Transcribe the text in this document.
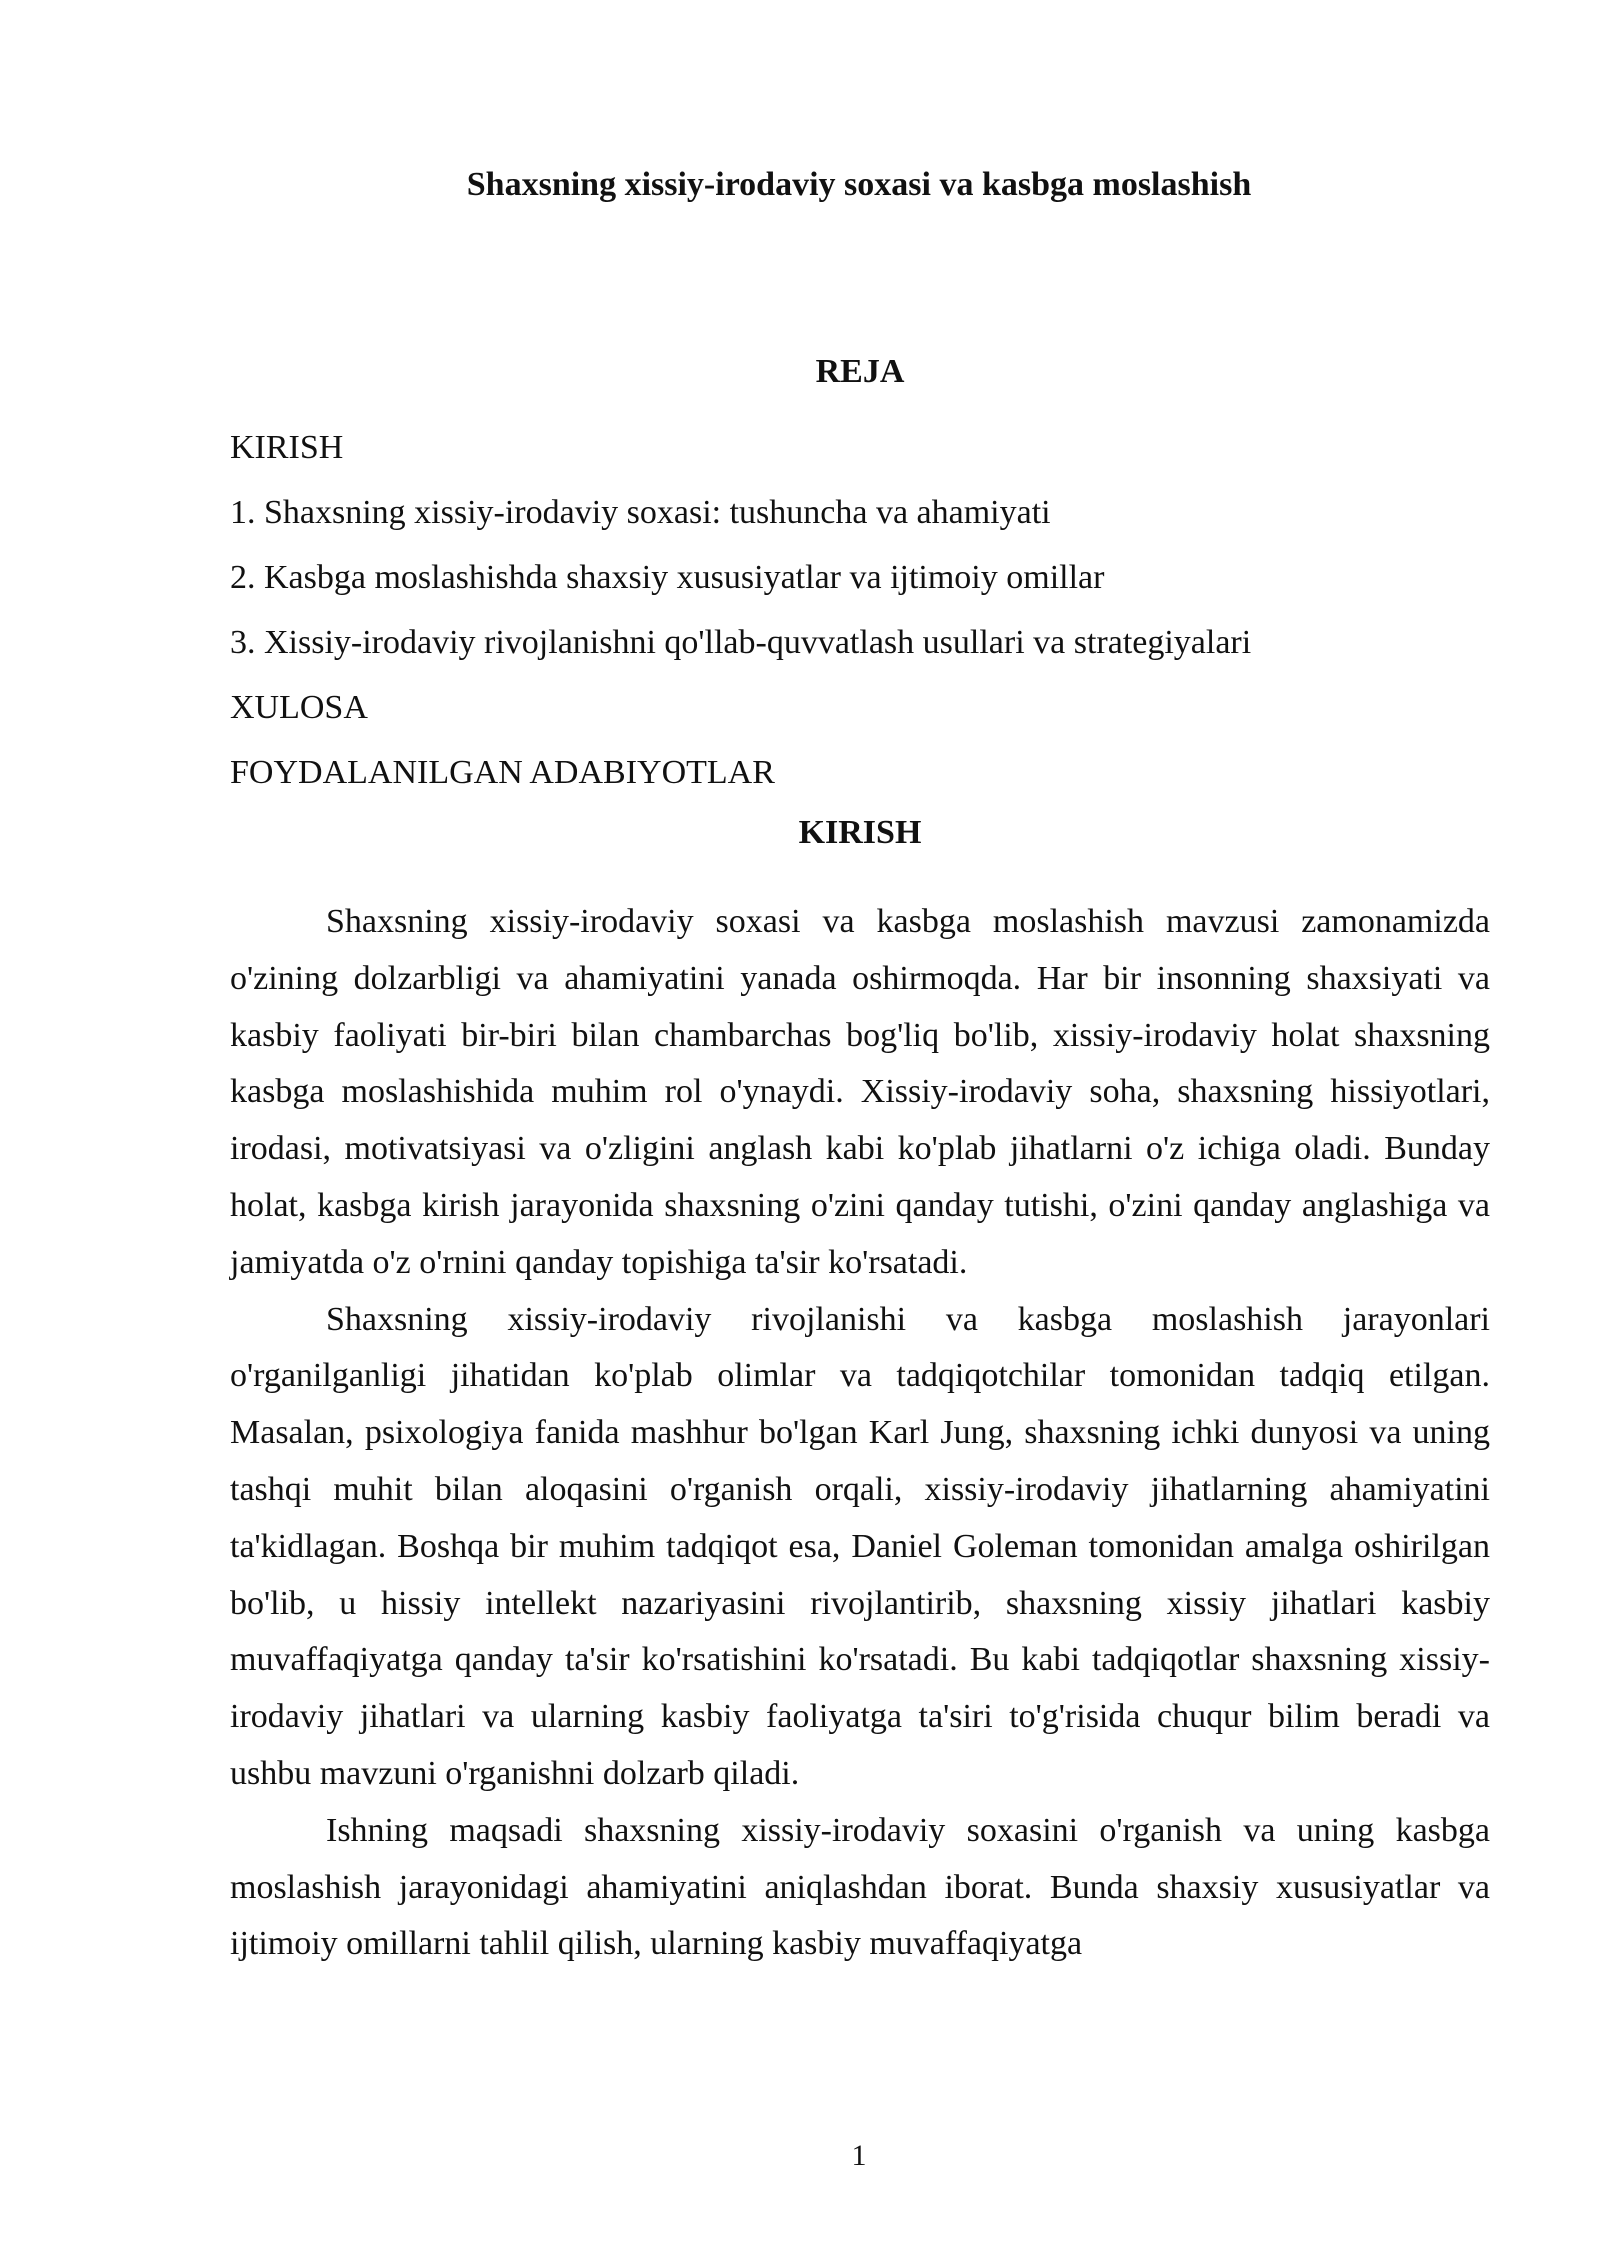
Shaxsning xissiy-irodaviy soxasi va kasbga moslashish
REJA
KIRISH
1. Shaxsning xissiy-irodaviy soxasi: tushuncha va ahamiyati
2. Kasbga moslashishda shaxsiy xususiyatlar va ijtimoiy omillar
3. Xissiy-irodaviy rivojlanishni qo'llab-quvvatlash usullari va strategiyalari
XULOSA
FOYDALANILGAN ADABIYOTLAR
KIRISH

Shaxsning xissiy-irodaviy soxasi va kasbga moslashish mavzusi zamonamizda o'zining dolzarbligi va ahamiyatini yanada oshirmoqda. Har bir insonning shaxsiyati va kasbiy faoliyati bir-biri bilan chambarchas bog'liq bo'lib, xissiy-irodaviy holat shaxsning kasbga moslashishida muhim rol o'ynaydi. Xissiy-irodaviy soha, shaxsning hissiyotlari, irodasi, motivatsiyasi va o'zligini anglash kabi ko'plab jihatlarni o'z ichiga oladi. Bunday holat, kasbga kirish jarayonida shaxsning o'zini qanday tutishi, o'zini qanday anglashiga va jamiyatda o'z o'rnini qanday topishiga ta'sir ko'rsatadi.

Shaxsning xissiy-irodaviy rivojlanishi va kasbga moslashish jarayonlari o'rganilganligi jihatidan ko'plab olimlar va tadqiqotchilar tomonidan tadqiq etilgan. Masalan, psixologiya fanida mashhur bo'lgan Karl Jung, shaxsning ichki dunyosi va uning tashqi muhit bilan aloqasini o'rganish orqali, xissiy-irodaviy jihatlarning ahamiyatini ta'kidlagan. Boshqa bir muhim tadqiqot esa, Daniel Goleman tomonidan amalga oshirilgan bo'lib, u hissiy intellekt nazariyasini rivojlantirib, shaxsning xissiy jihatlari kasbiy muvaffaqiyatga qanday ta'sir ko'rsatishini ko'rsatadi. Bu kabi tadqiqotlar shaxsning xissiy-irodaviy jihatlari va ularning kasbiy faoliyatga ta'siri to'g'risida chuqur bilim beradi va ushbu mavzuni o'rganishni dolzarb qiladi.

Ishning maqsadi shaxsning xissiy-irodaviy soxasini o'rganish va uning kasbga moslashish jarayonidagi ahamiyatini aniqlashdan iborat. Bunda shaxsiy xususiyatlar va ijtimoiy omillarni tahlil qilish, ularning kasbiy muvaffaqiyatga

1
